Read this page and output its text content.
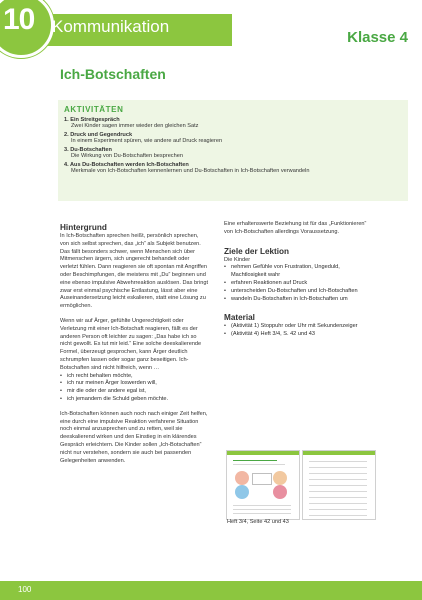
10 Kommunikation
Klasse 4
Ich-Botschaften
AKTIVITÄTEN
1. Ein Streitgespräch
Zwei Kinder sagen immer wieder den gleichen Satz
2. Druck und Gegendruck
In einem Experiment spüren, wie andere auf Druck reagieren
3. Du-Botschaften
Die Wirkung von Du-Botschaften besprechen
4. Aus Du-Botschaften werden Ich-Botschaften
Merkmale von Ich-Botschaften kennenlernen und Du-Botschaften in Ich-Botschaften verwandeln
Hintergrund

In Ich-Botschaften sprechen heißt, persönlich sprechen, von sich selbst sprechen, das „ich“ als Subjekt benutzen. Das fällt besonders schwer, wenn Menschen sich über Mitmenschen ärgern, sich ungerecht behandelt oder verletzt fühlen. Dann reagieren sie oft spontan mit Angriffen oder Beschimpfungen, die meistens mit „Du“ beginnen und eine ebenso impulsive Abwehrreaktion auslösen. Das bringt zwar erst einmal psychische Entlastung, lässt aber eine Auseinandersetzung leicht eskalieren, statt eine Lösung zu ermöglichen.

Wenn wir auf Ärger, gefühlte Ungerechtigkeit oder Verletzung mit einer Ich-Botschaft reagieren, fällt es der anderen Person oft leichter zu sagen: „Das habe ich so nicht gewollt. Es tut mir leid.“ Eine solche deeskalierende Formel, überzeugt gesprochen, kann Ärger deutlich schrumpfen lassen oder sogar ganz beseitigen. Ich-Botschaften sind nicht hilfreich, wenn …

• ich recht behalten möchte,
• ich nur meinen Ärger loswerden will,
• mir die oder der andere egal ist,
• ich jemandem die Schuld geben möchte.

Ich-Botschaften können auch noch nach einiger Zeit helfen, eine durch eine impulsive Reaktion verfahrene Situation noch einmal anzusprechen und zu retten, weil sie deeskalierend wirken und den Einstieg in ein klärendes Gespräch erleichtern. Die Kinder sollen „Ich-Botschaften“ nicht nur verstehen, sondern sie auch bei passenden Gelegenheiten anwenden.

Eine erhaltenswerte Beziehung ist für das „Funktionieren“ von Ich-Botschaften allerdings Voraussetzung.

Ziele der Lektion

Die Kinder

• nehmen Gefühle von Frustration, Ungeduld, Machtlosigkeit wahr
• erfahren Reaktionen auf Druck
• unterscheiden Du-Botschaften und Ich-Botschaften
• wandeln Du-Botschaften in Ich-Botschaften um
Material
• (Aktivität 1) Stoppuhr oder Uhr mit Sekundenzeiger
• (Aktivität 4) Heft 3/4, S. 42 und 43
Heft 3/4, Seite 42 und 43
100
